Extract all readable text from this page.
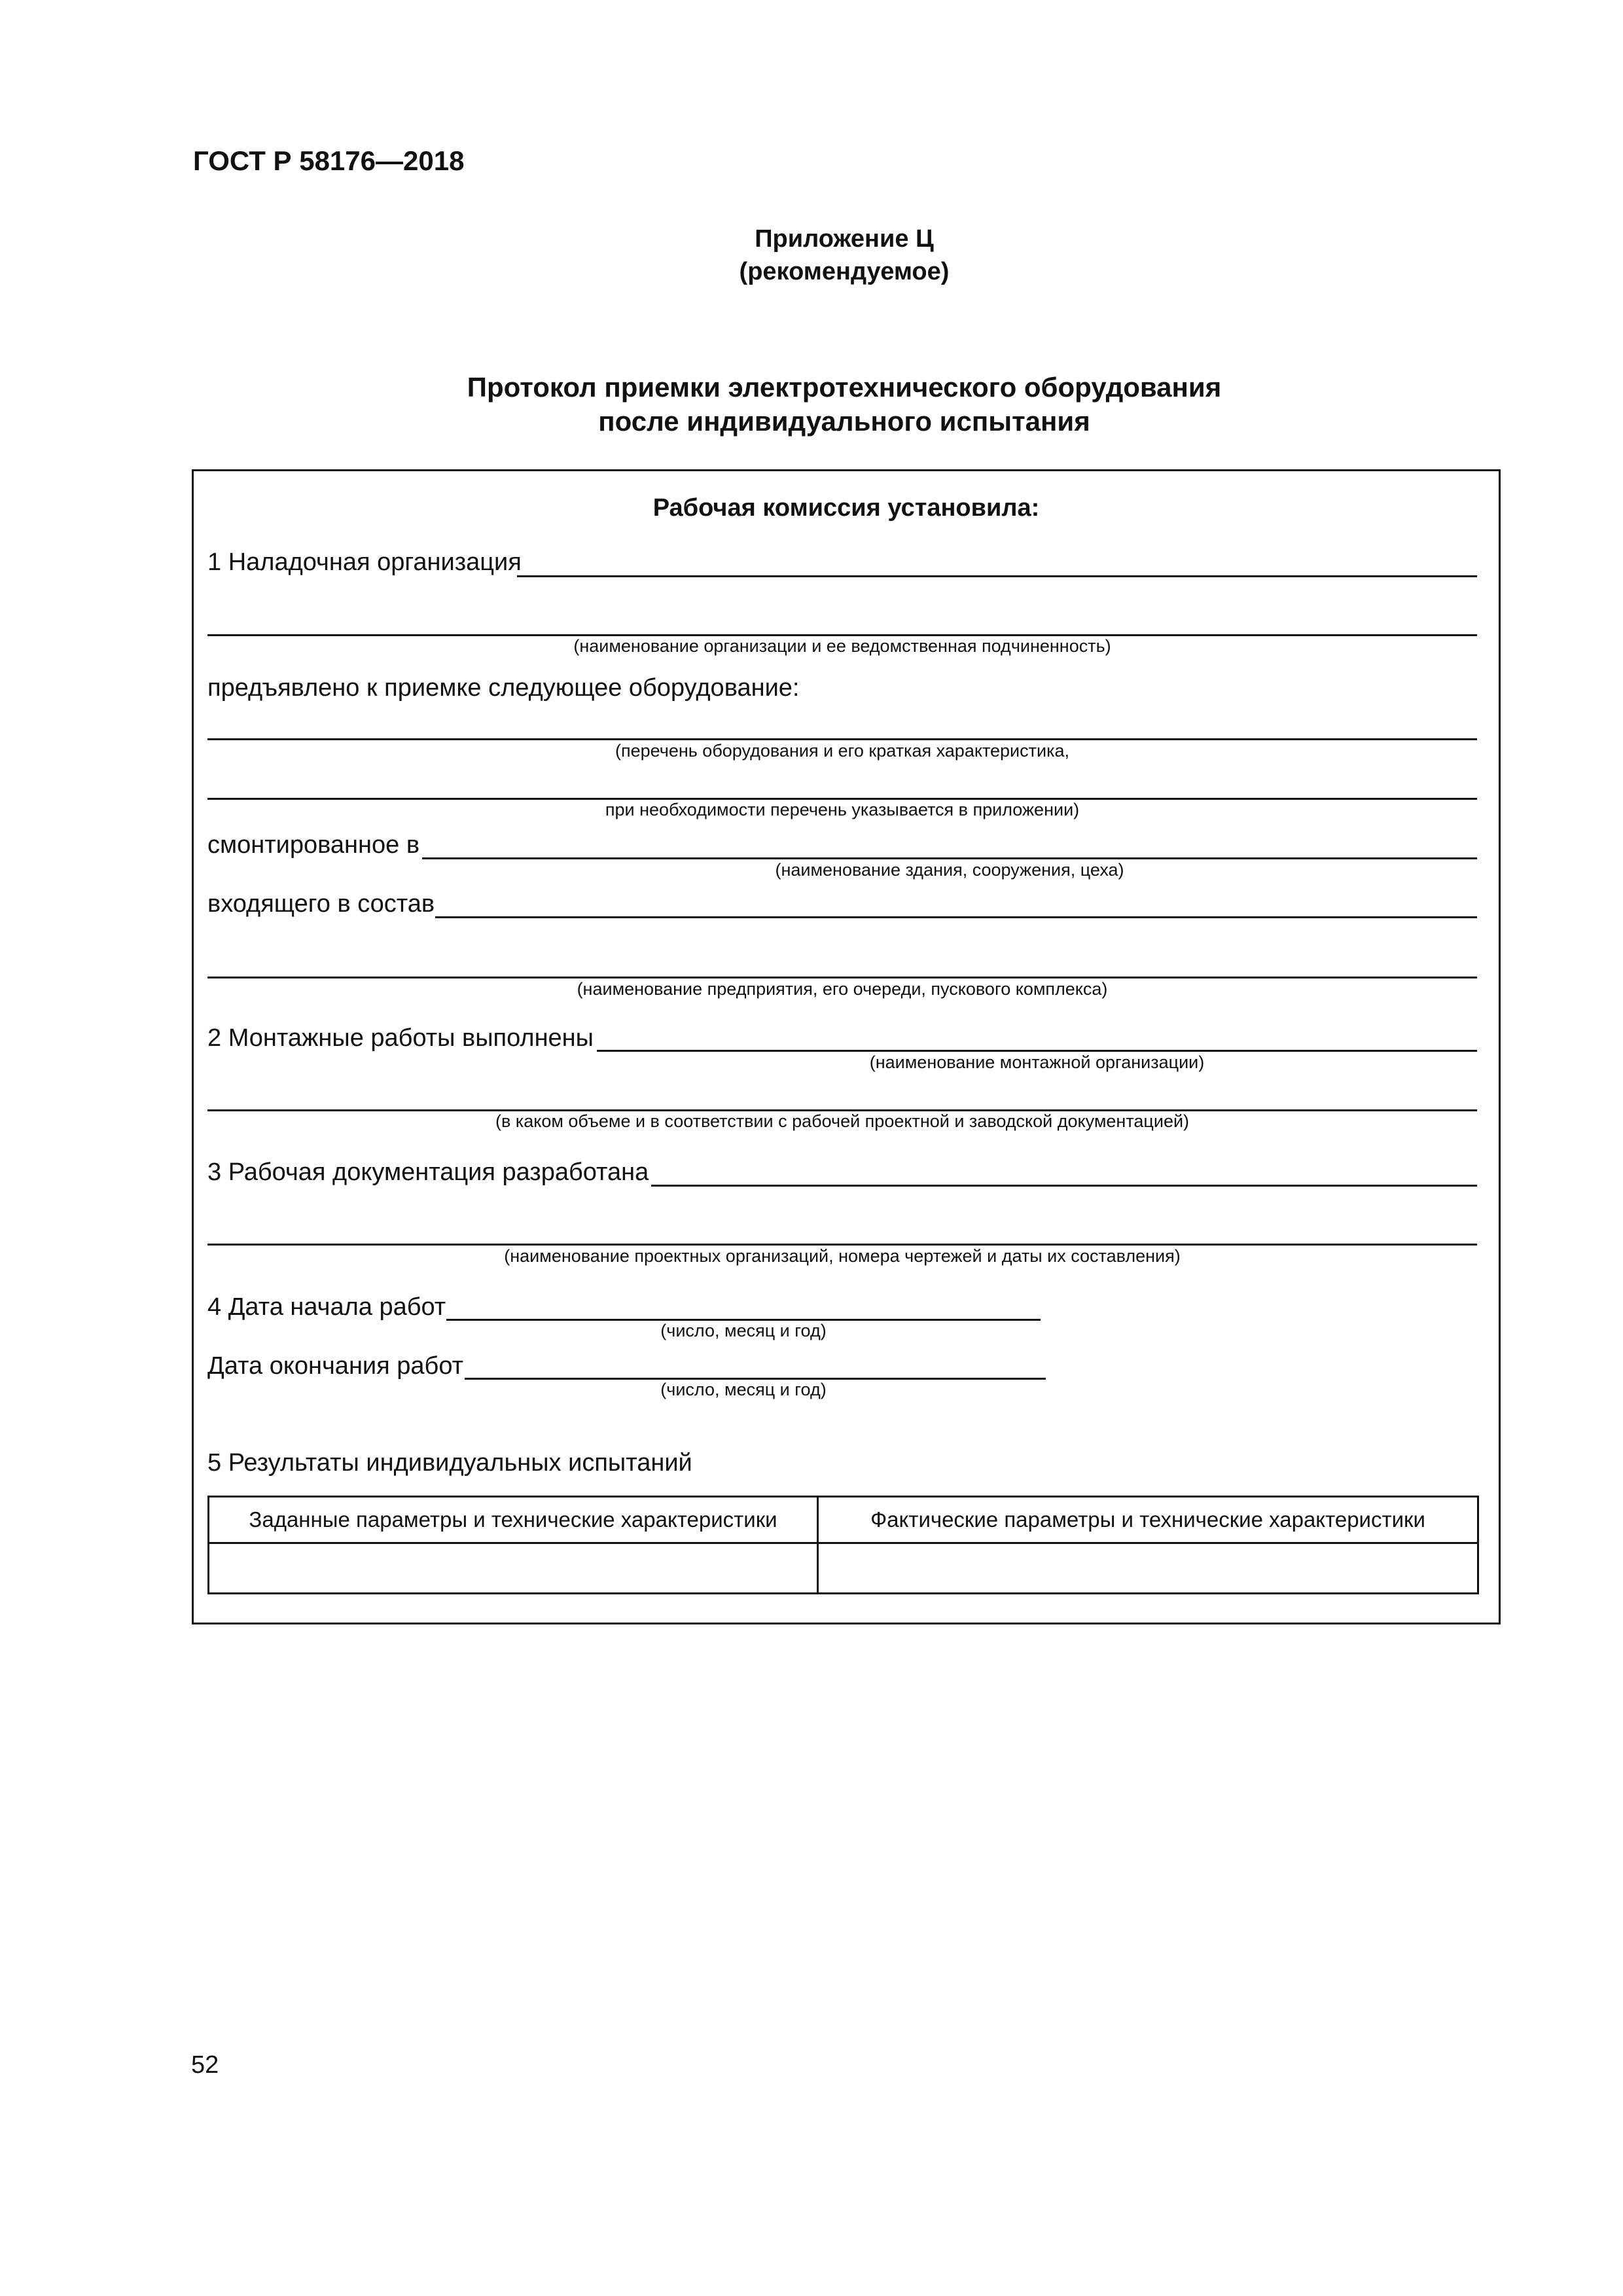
ГОСТ Р 58176—2018
Приложение Ц
(рекомендуемое)
Протокол приемки электротехнического оборудования
после индивидуального испытания
Рабочая комиссия установила:
1 Наладочная организация
(наименование организации и ее ведомственная подчиненность)
предъявлено к приемке следующее оборудование:
(перечень оборудования и его краткая характеристика,
при необходимости перечень указывается в приложении)
смонтированное в
(наименование здания, сооружения, цеха)
входящего в состав
(наименование предприятия, его очереди, пускового комплекса)
2 Монтажные работы выполнены
(наименование монтажной организации)
(в каком объеме и в соответствии с рабочей проектной и заводской документацией)
3 Рабочая документация разработана
(наименование проектных организаций, номера чертежей и даты их составления)
4 Дата начала работ
(число, месяц и год)
Дата окончания работ
(число, месяц и год)
5 Результаты индивидуальных испытаний
Заданные параметры и технические характеристики	Фактические параметры и технические характеристики

52
